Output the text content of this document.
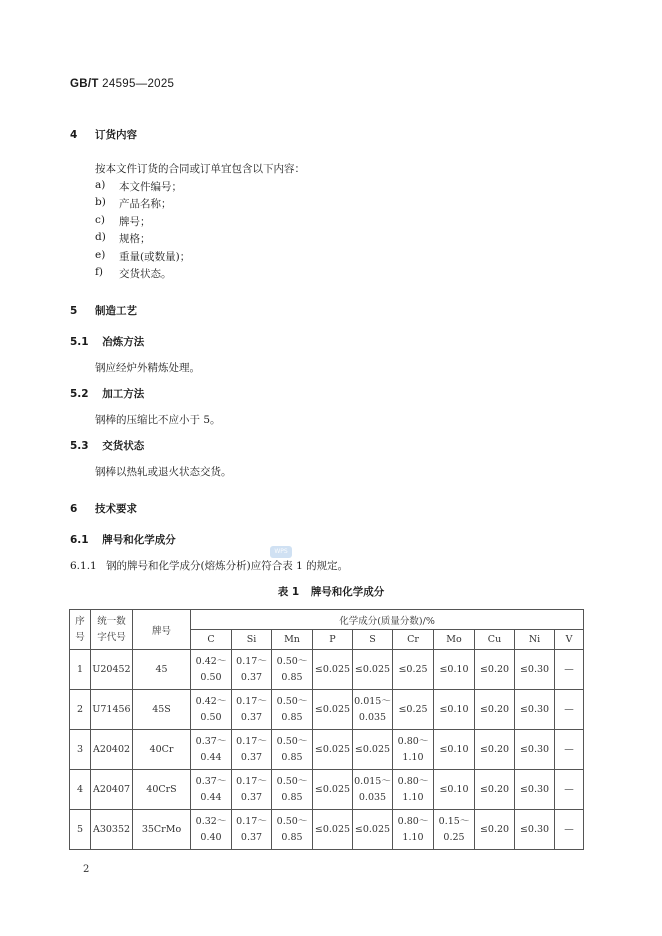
GB/T 24595—2025
4 订货内容
按本文件订货的合同或订单宜包含以下内容：
a) 本文件编号；
b) 产品名称；
c) 牌号；
d) 规格；
e) 重量(或数量)；
f) 交货状态。
5 制造工艺
5.1 冶炼方法
钢应经炉外精炼处理。
5.2 加工方法
钢棒的压缩比不应小于 5。
5.3 交货状态
钢棒以热轧或退火状态交货。
6 技术要求
6.1 牌号和化学成分
6.1.1 钢的牌号和化学成分(熔炼分析)应符合表 1 的规定。
WPS
表 1 牌号和化学成分
序
号	统一数
字代号	牌号	化学成分(质量分数)/%									
			C	Si	Mn	P	S	Cr	Mo	Cu	Ni	V
1	U20452	45	0.42～
0.50	0.17～
0.37	0.50～
0.85	≤0.025	≤0.025	≤0.25	≤0.10	≤0.20	≤0.30	—
2	U71456	45S	0.42～
0.50	0.17～
0.37	0.50～
0.85	≤0.025	0.015～
0.035	≤0.25	≤0.10	≤0.20	≤0.30	—
3	A20402	40Cr	0.37～
0.44	0.17～
0.37	0.50～
0.85	≤0.025	≤0.025	0.80～
1.10	≤0.10	≤0.20	≤0.30	—
4	A20407	40CrS	0.37～
0.44	0.17～
0.37	0.50～
0.85	≤0.025	0.015～
0.035	0.80～
1.10	≤0.10	≤0.20	≤0.30	—
5	A30352	35CrMo	0.32～
0.40	0.17～
0.37	0.50～
0.85	≤0.025	≤0.025	0.80～
1.10	0.15～
0.25	≤0.20	≤0.30	—
2
